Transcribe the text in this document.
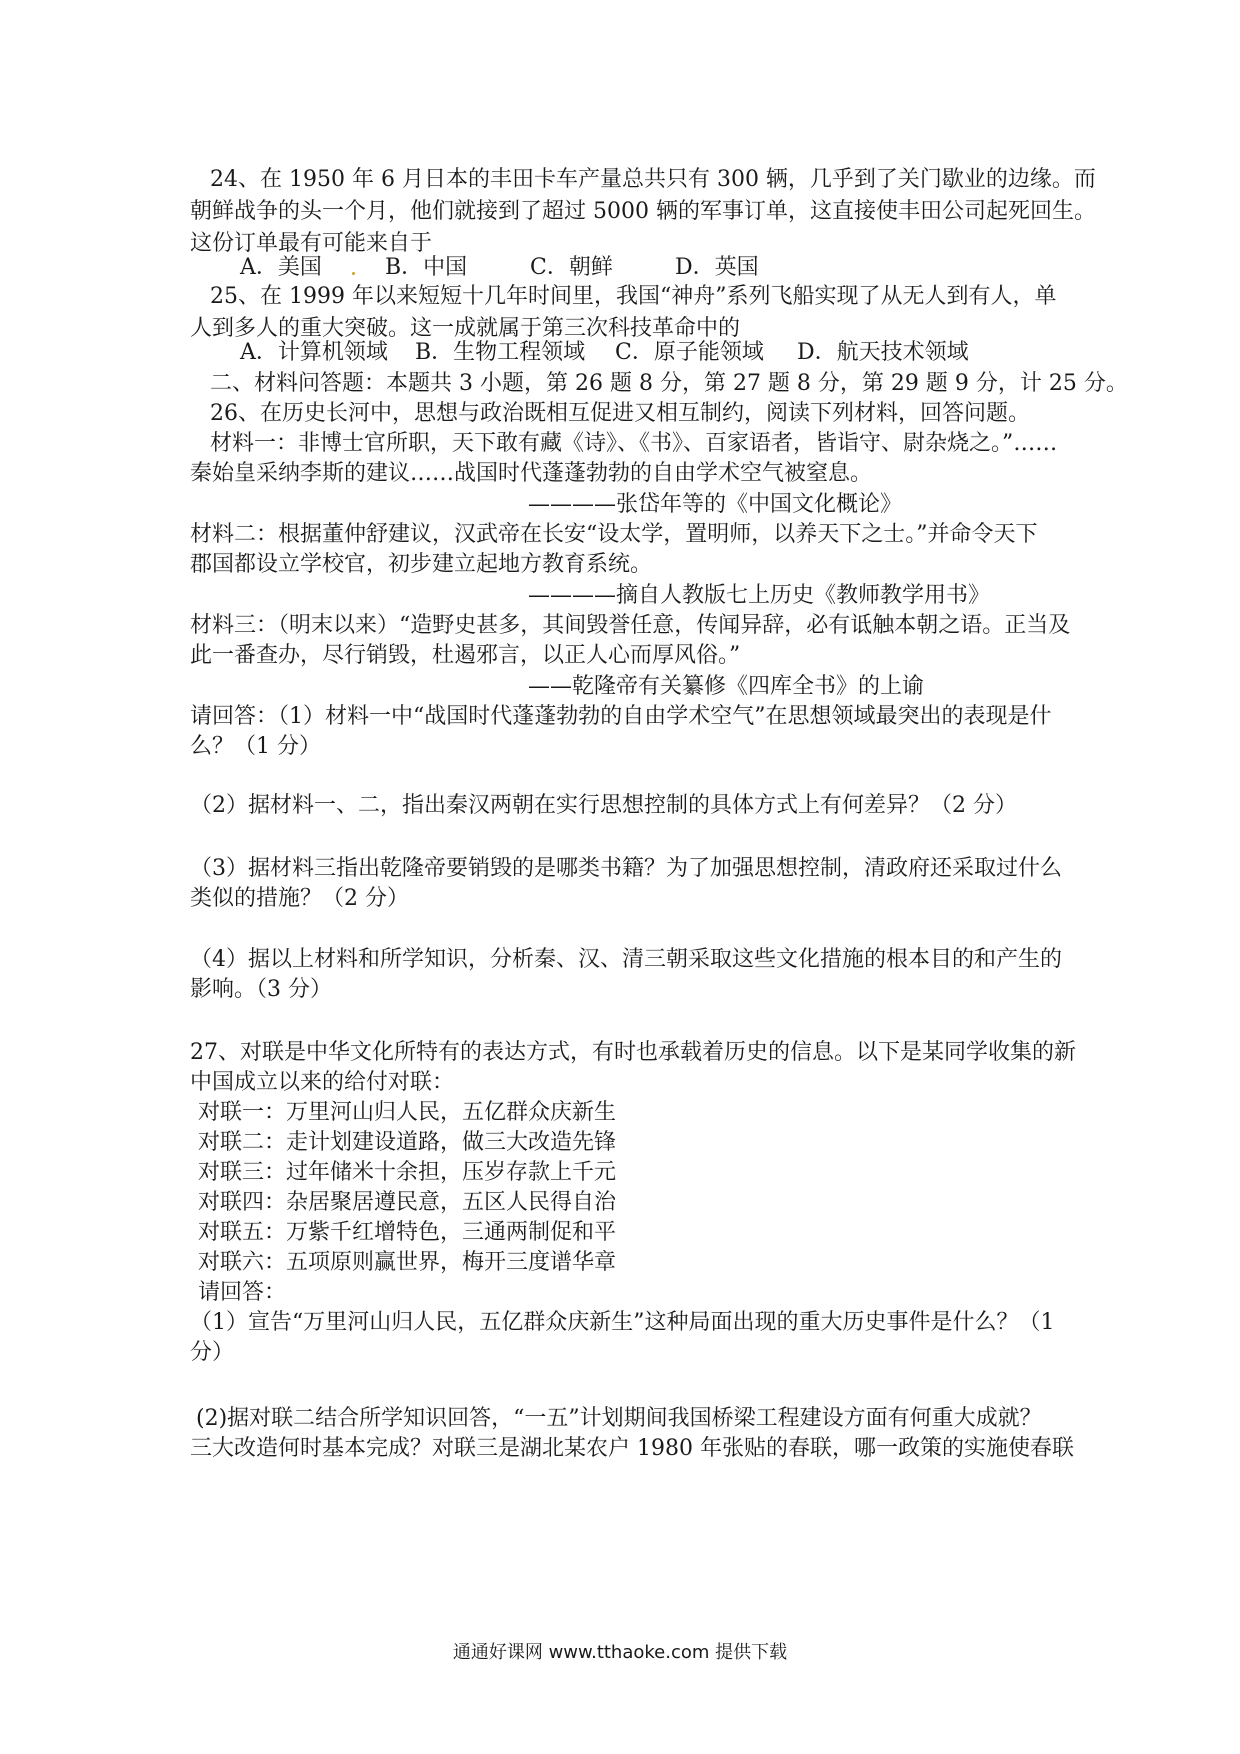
24、在 1950 年 6 月日本的丰田卡车产量总共只有 300 辆，几乎到了关门歇业的边缘。而
朝鲜战争的头一个月，他们就接到了超过 5000 辆的军事订单，这直接使丰田公司起死回生。
这份订单最有可能来自于
A．美国	B．中国	C．朝鲜	D．英国
25、在 1999 年以来短短十几年时间里，我国“神舟”系列飞船实现了从无人到有人，单
人到多人的重大突破。这一成就属于第三次科技革命中的
A．计算机领域 B．生物工程领域 C．原子能领域 D．航天技术领域
二、材料问答题：本题共 3 小题，第 26 题 8 分，第 27 题 8 分，第 29 题 9 分，计 25 分。
26、在历史长河中，思想与政治既相互促进又相互制约，阅读下列材料，回答问题。
材料一：非博士官所职，天下敢有藏《诗》、《书》、百家语者，皆诣守、尉杂烧之。”……
秦始皇采纳李斯的建议……战国时代蓬蓬勃勃的自由学术空气被窒息。
————张岱年等的《中国文化概论》
材料二：根据董仲舒建议，汉武帝在长安“设太学，置明师，以养天下之士。”并命令天下
郡国都设立学校官，初步建立起地方教育系统。
————摘自人教版七上历史《教师教学用书》
材料三：（明末以来）“造野史甚多，其间毁誉任意，传闻异辞，必有诋触本朝之语。正当及
此一番查办，尽行销毁，杜遏邪言，以正人心而厚风俗。”
——乾隆帝有关纂修《四库全书》的上谕
请回答：（1）材料一中“战国时代蓬蓬勃勃的自由学术空气”在思想领域最突出的表现是什
么？（1 分）
（2）据材料一、二，指出秦汉两朝在实行思想控制的具体方式上有何差异？（2 分）
（3）据材料三指出乾隆帝要销毁的是哪类书籍？为了加强思想控制，清政府还采取过什么
类似的措施？（2 分）
（4）据以上材料和所学知识，分析秦、汉、清三朝采取这些文化措施的根本目的和产生的
影响。（3 分）
27、对联是中华文化所特有的表达方式，有时也承载着历史的信息。以下是某同学收集的新
中国成立以来的给付对联：
对联一：万里河山归人民，五亿群众庆新生
对联二：走计划建设道路，做三大改造先锋
对联三：过年储米十余担，压岁存款上千元
对联四：杂居聚居遵民意，五区人民得自治
对联五：万紫千红增特色，三通两制促和平
对联六：五项原则赢世界，梅开三度谱华章
请回答：
（1）宣告“万里河山归人民，五亿群众庆新生”这种局面出现的重大历史事件是什么？（1
分）
(2)据对联二结合所学知识回答，“一五”计划期间我国桥梁工程建设方面有何重大成就？
三大改造何时基本完成？对联三是湖北某农户 1980 年张贴的春联，哪一政策的实施使春联
通通好课网 www.tthaoke.com 提供下载
